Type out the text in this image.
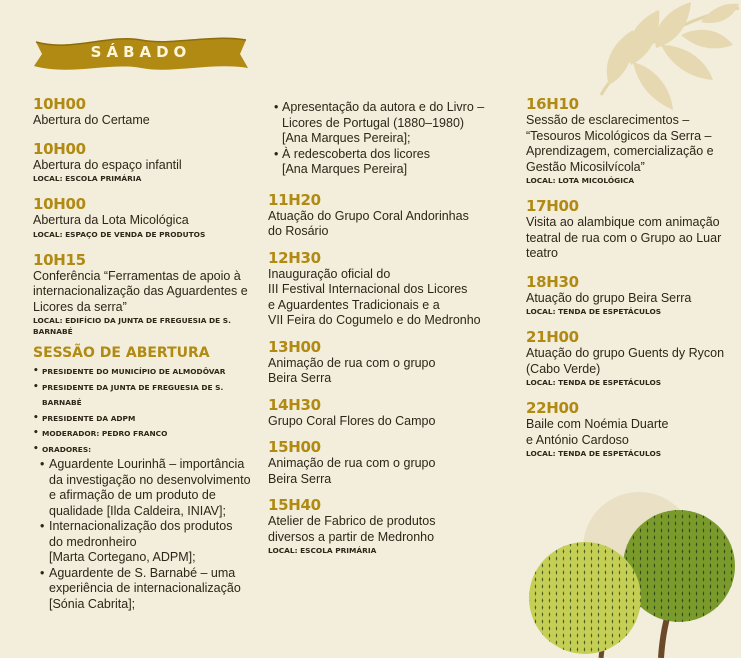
SÁBADO
10H00
Abertura do Certame
10H00
Abertura do espaço infantil
LOCAL: ESCOLA PRIMÁRIA
10H00
Abertura da Lota Micológica
LOCAL: ESPAÇO DE VENDA DE PRODUTOS
10H15
Conferência “Ferramentas de apoio à
internacionalização das Aguardentes e
Licores da serra”
LOCAL: EDIFÍCIO DA JUNTA DE FREGUESIA DE S. BARNABÉ
SESSÃO DE ABERTURA
• PRESIDENTE DO MUNICÍPIO DE ALMODÔVAR
• PRESIDENTE DA JUNTA DE FREGUESIA DE S. BARNABÉ
• PRESIDENTE DA ADPM
• MODERADOR: PEDRO FRANCO
• ORADORES:
• Aguardente Lourinhã – importância
da investigação no desenvolvimento
e afirmação de um produto de
qualidade [Ilda Caldeira, INIAV];
• Internacionalização dos produtos
do medronheiro
[Marta Cortegano, ADPM];
• Aguardente de S. Barnabé – uma
experiência de internacionalização
[Sónia Cabrita];
• Apresentação da autora e do Livro –
Licores de Portugal (1880–1980)
[Ana Marques Pereira];
• À redescoberta dos licores
[Ana Marques Pereira]
11H20
Atuação do Grupo Coral Andorinhas
do Rosário
12H30
Inauguração oficial do
III Festival Internacional dos Licores
e Aguardentes Tradicionais e a
VII Feira do Cogumelo e do Medronho
13H00
Animação de rua com o grupo
Beira Serra
14H30
Grupo Coral Flores do Campo
15H00
Animação de rua com o grupo
Beira Serra
15H40
Atelier de Fabrico de produtos
diversos a partir de Medronho
LOCAL: ESCOLA PRIMÁRIA
16H10
Sessão de esclarecimentos –
“Tesouros Micológicos da Serra –
Aprendizagem, comercialização e
Gestão Micosilvícola”
LOCAL: LOTA MICOLÓGICA
17H00
Visita ao alambique com animação
teatral de rua com o Grupo ao Luar
teatro
18H30
Atuação do grupo Beira Serra
LOCAL: TENDA DE ESPETÁCULOS
21H00
Atuação do grupo Guents dy Rycon
(Cabo Verde)
LOCAL: TENDA DE ESPETÁCULOS
22H00
Baile com Noémia Duarte
e António Cardoso
LOCAL: TENDA DE ESPETÁCULOS
